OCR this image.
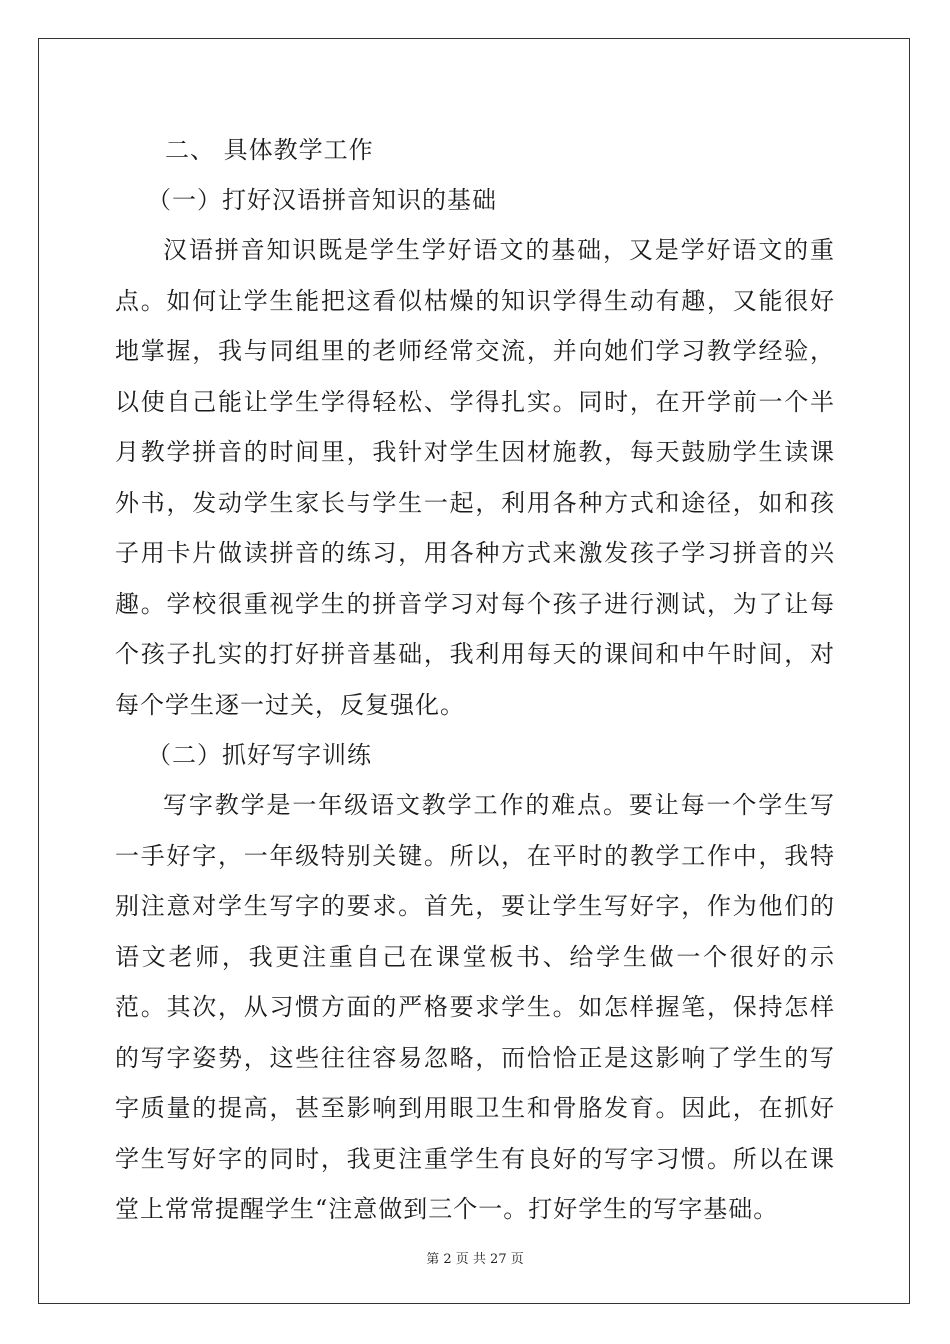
二、 具体教学工作

（一）打好汉语拼音知识的基础

汉语拼音知识既是学生学好语文的基础，又是学好语文的重点。如何让学生能把这看似枯燥的知识学得生动有趣，又能很好地掌握，我与同组里的老师经常交流，并向她们学习教学经验，以使自己能让学生学得轻松、学得扎实。同时，在开学前一个半月教学拼音的时间里，我针对学生因材施教，每天鼓励学生读课外书，发动学生家长与学生一起，利用各种方式和途径，如和孩子用卡片做读拼音的练习，用各种方式来激发孩子学习拼音的兴趣。学校很重视学生的拼音学习对每个孩子进行测试，为了让每个孩子扎实的打好拼音基础，我利用每天的课间和中午时间，对每个学生逐一过关，反复强化。

（二）抓好写字训练

写字教学是一年级语文教学工作的难点。要让每一个学生写一手好字，一年级特别关键。所以，在平时的教学工作中，我特别注意对学生写字的要求。首先，要让学生写好字，作为他们的语文老师，我更注重自己在课堂板书、给学生做一个很好的示范。其次，从习惯方面的严格要求学生。如怎样握笔，保持怎样的写字姿势，这些往往容易忽略，而恰恰正是这影响了学生的写字质量的提高，甚至影响到用眼卫生和骨胳发育。因此，在抓好学生写好字的同时，我更注重学生有良好的写字习惯。所以在课堂上常常提醒学生“注意做到三个一。打好学生的写字基础。

第 2 页 共 27 页
